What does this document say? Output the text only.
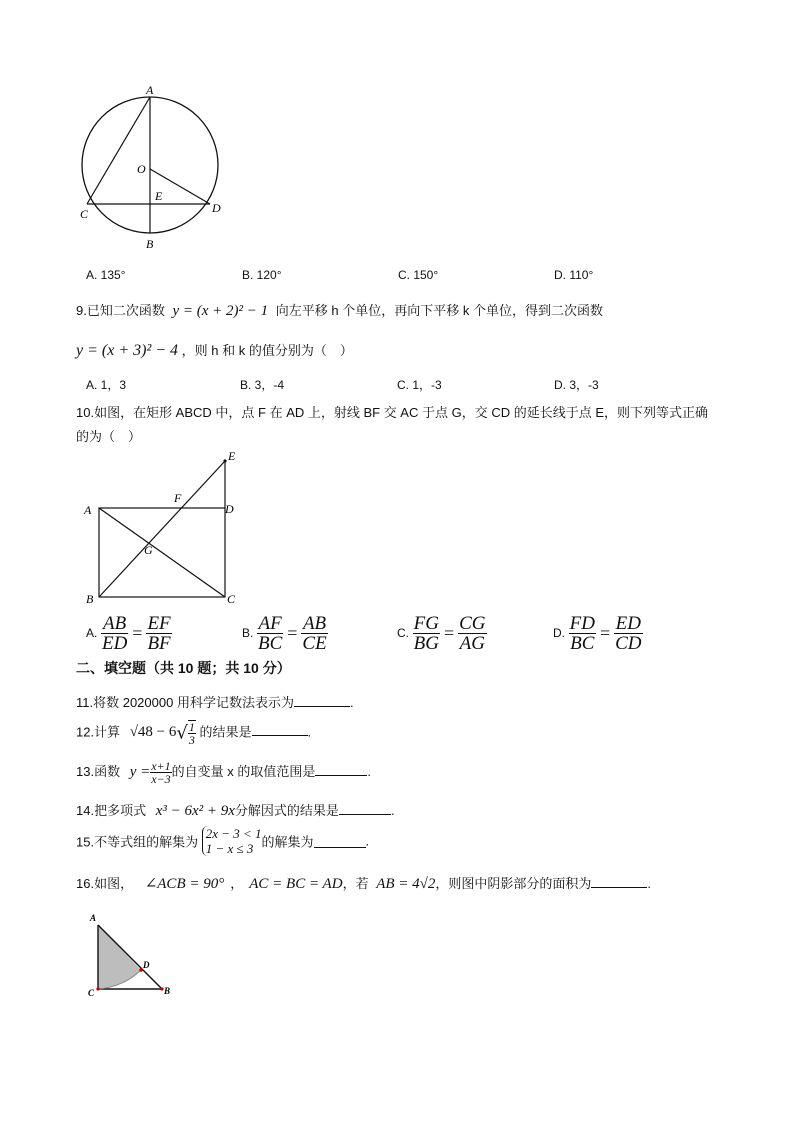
A
O
E
C	D
B
A. 135°	B. 120°	C. 150°	D. 110°
9.已知二次函数 y = (x + 2)² − 1 向左平移 h 个单位，再向下平移 k 个单位，得到二次函数
y = (x + 3)² − 4 ，则 h 和 k 的值分别为（　）
A. 1，3	B. 3，-4	C. 1，-3	D. 3，-3
10.如图，在矩形 ABCD 中，点 F 在 AD 上，射线 BF 交 AC 于点 G，交 CD 的延长线于点 E，则下列等式正确
的为（　）
E
F
A	D
G
B	C
A. $\frac{AB}{ED} = \frac{EF}{BF}$	B. $\frac{AF}{BC} = \frac{AB}{CE}$	C. $\frac{FG}{BG} = \frac{CG}{AG}$	D. $\frac{FD}{BC} = \frac{ED}{CD}$
二、填空题（共 10 题；共 10 分）
11.将数 2020000 用科学记数法表示为	.
12.计算 $√48 - 6√ \frac{1}{3}$ 的结果是	.
13.函数 $y = \frac{x+1}{x-3}$ 的自变量 x 的取值范围是	.
14.把多项式 x³ − 6x² + 9x分解因式的结果是	.
15.不等式组的解集为
2x − 3 < 1
1 − x ≤ 3 的解集为	.
16.如图， ∠ACB = 90° ， AC = BC = AD，若 AB = 4√2，则图中阴影部分的面积为	.
A
D
C	B
